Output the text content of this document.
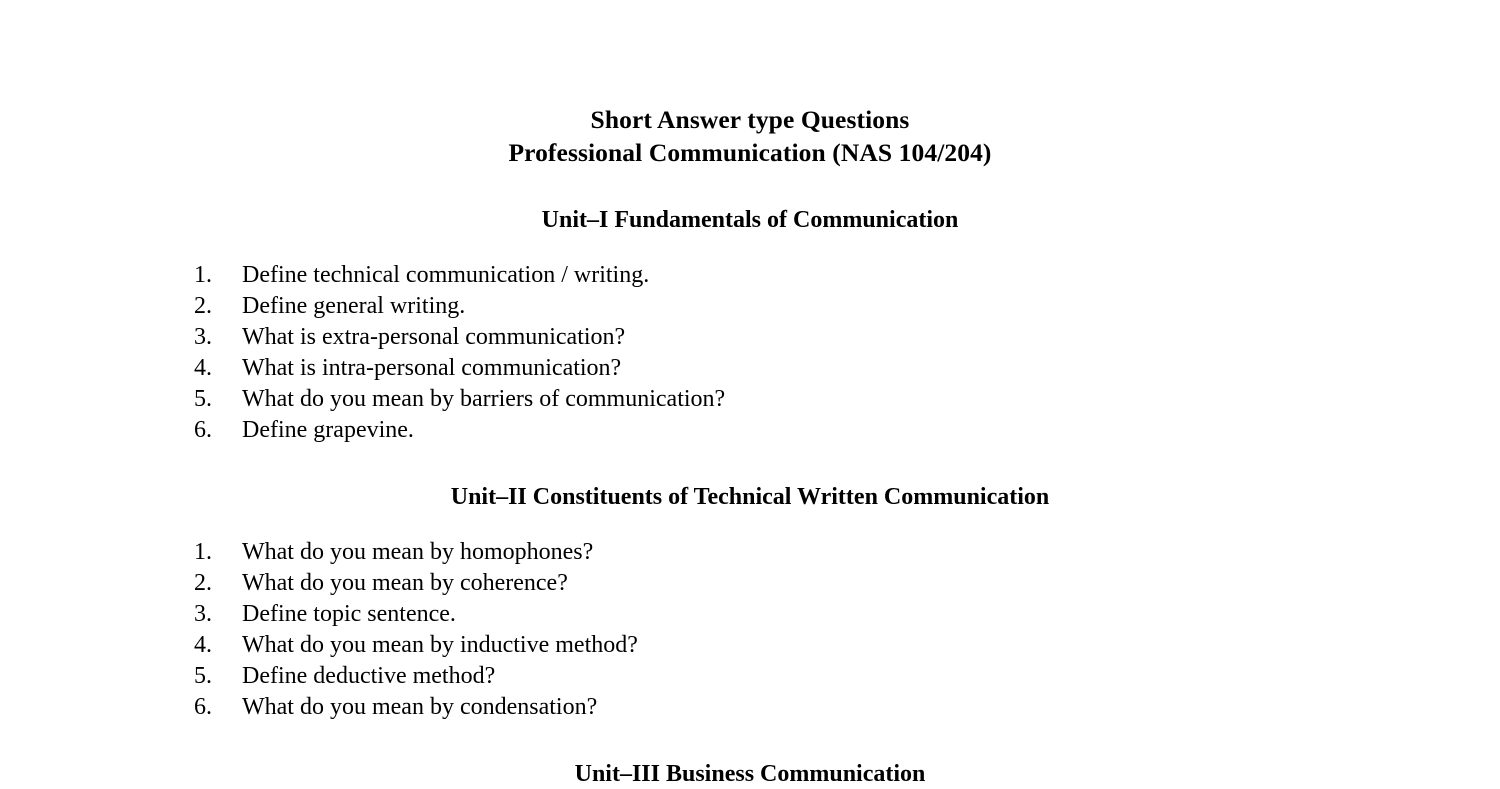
Short Answer type Questions
Professional Communication (NAS 104/204)
Unit–I Fundamentals of Communication
1.	Define technical communication / writing.
2.	Define general writing.
3.	What is extra-personal communication?
4.	What is intra-personal communication?
5.	What do you mean by barriers of communication?
6.	Define grapevine.
Unit–II Constituents of Technical Written Communication
1.	What do you mean by homophones?
2.	What do you mean by coherence?
3.	Define topic sentence.
4.	What do you mean by inductive method?
5.	Define deductive method?
6.	What do you mean by condensation?
Unit–III Business Communication
